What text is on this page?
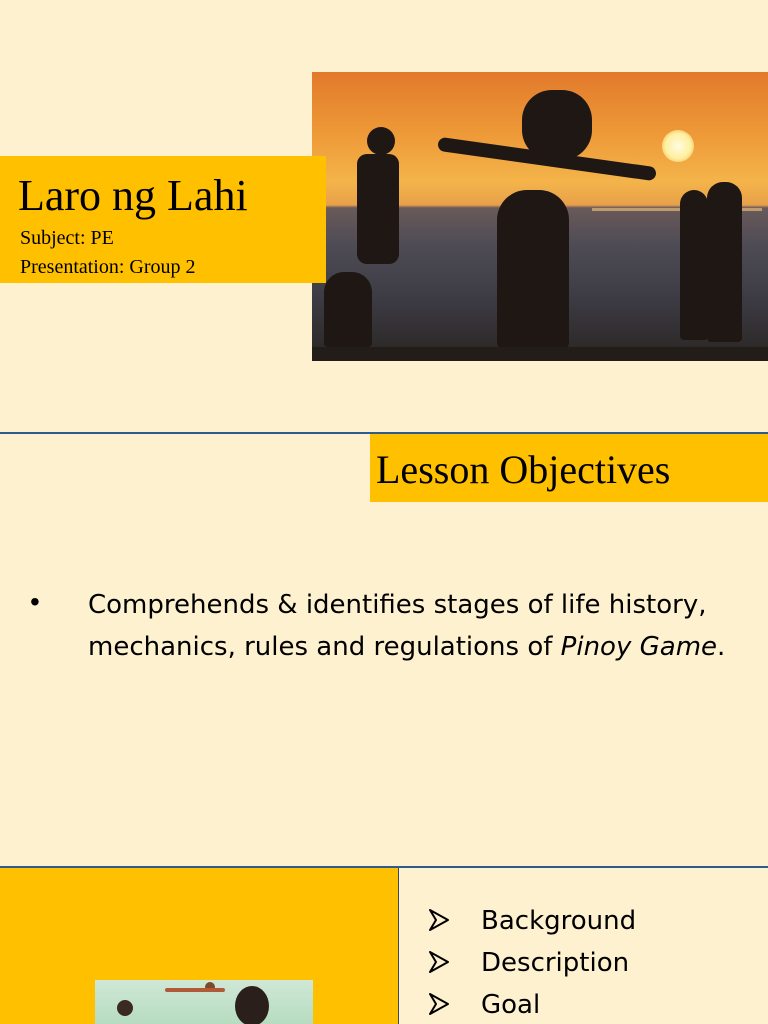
Laro ng Lahi
Subject: PE
Presentation: Group 2
Lesson Objectives
• Comprehends & identifies stages of life history, mechanics, rules and regulations of Pinoy Game.
Background
Description
Goal
